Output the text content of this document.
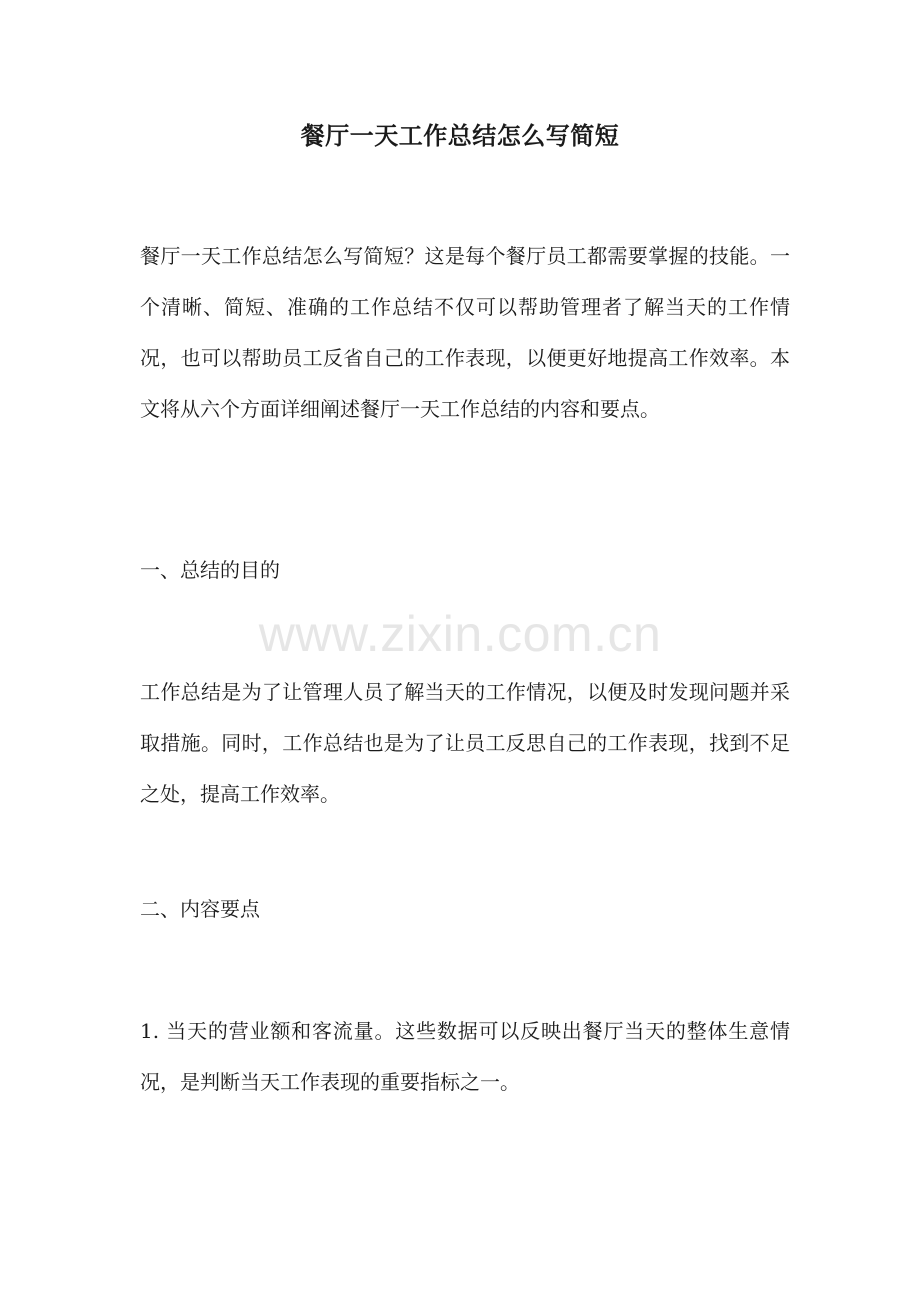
餐厅一天工作总结怎么写简短
餐厅一天工作总结怎么写简短？这是每个餐厅员工都需要掌握的技能。一个清晰、简短、准确的工作总结不仅可以帮助管理者了解当天的工作情况，也可以帮助员工反省自己的工作表现，以便更好地提高工作效率。本文将从六个方面详细阐述餐厅一天工作总结的内容和要点。
一、总结的目的
www.zixin.com.cn
工作总结是为了让管理人员了解当天的工作情况，以便及时发现问题并采取措施。同时，工作总结也是为了让员工反思自己的工作表现，找到不足之处，提高工作效率。
二、内容要点
1. 当天的营业额和客流量。这些数据可以反映出餐厅当天的整体生意情况，是判断当天工作表现的重要指标之一。
